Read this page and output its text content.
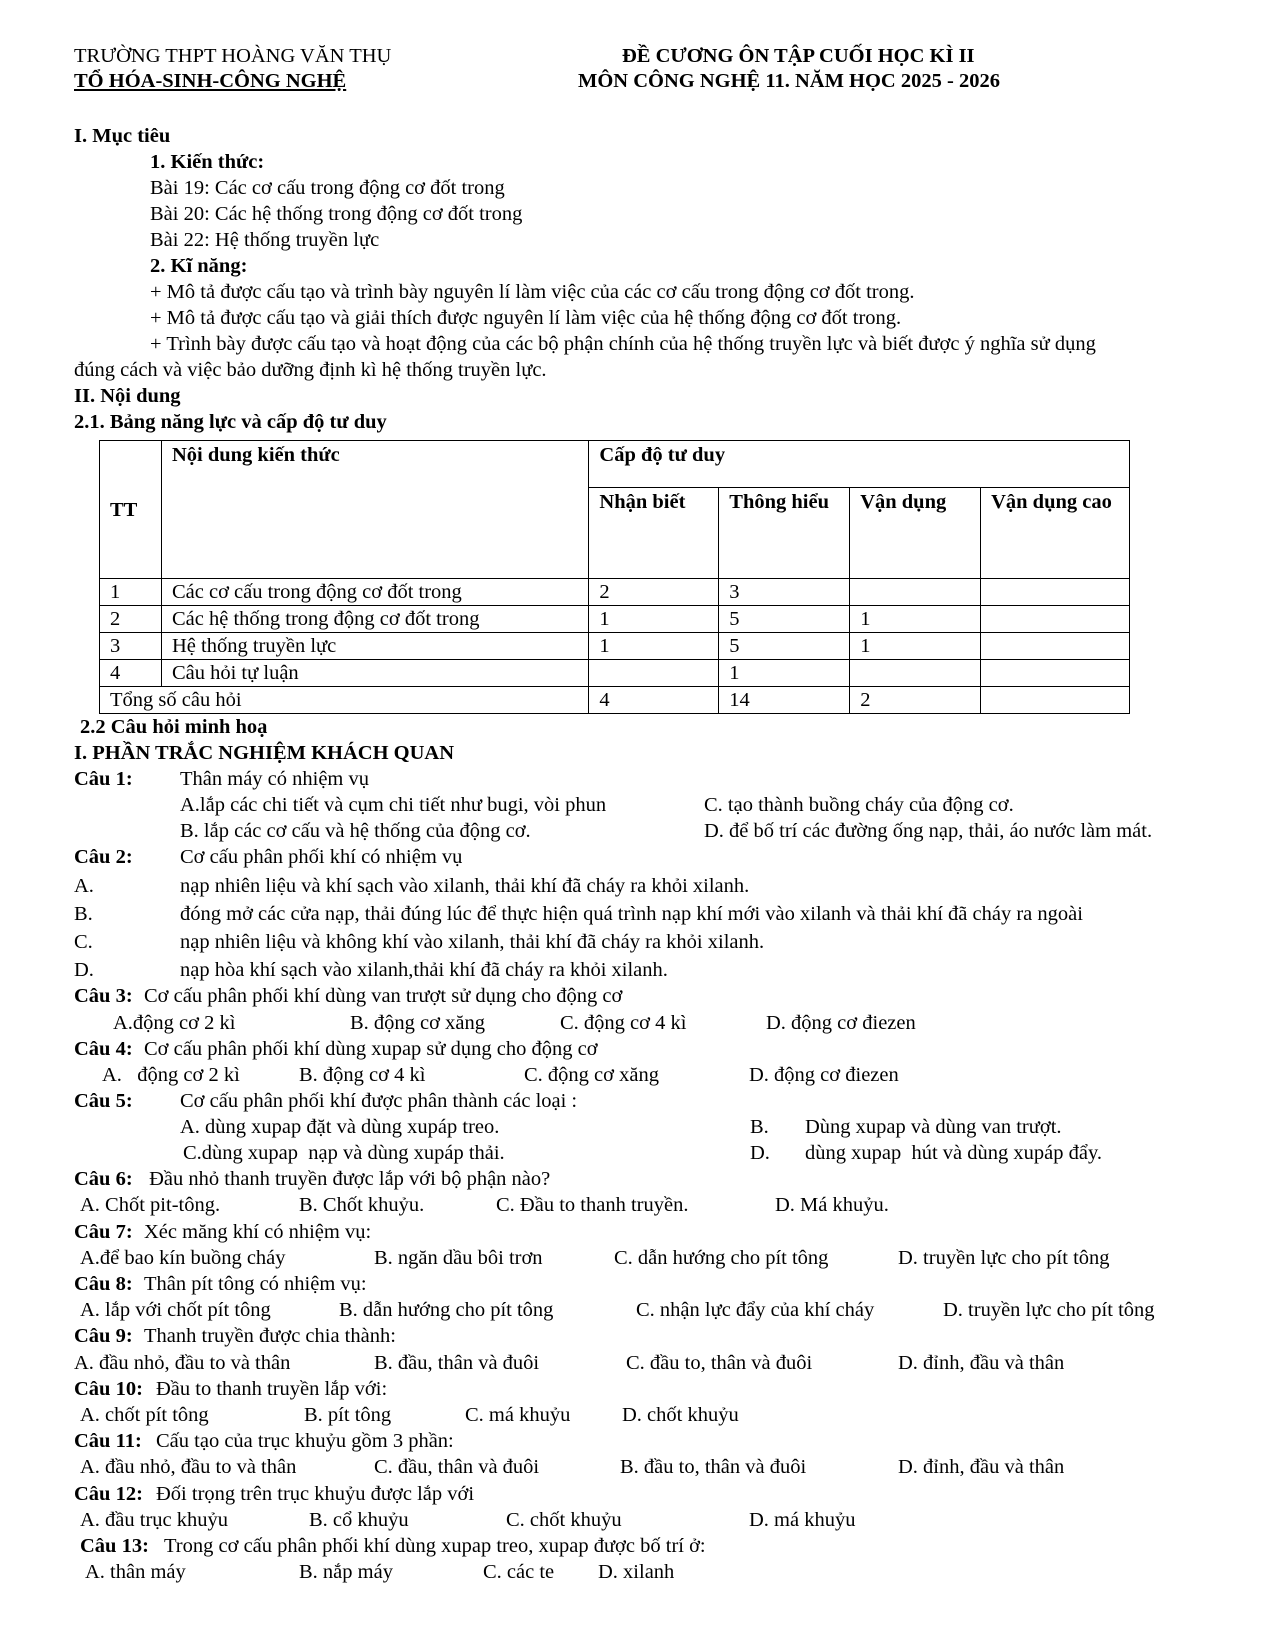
TRƯỜNG THPT HOÀNG VĂN THỤ
TỔ HÓA-SINH-CÔNG NGHỆ
ĐỀ CƯƠNG ÔN TẬP CUỐI HỌC KÌ II
MÔN CÔNG NGHỆ 11. NĂM HỌC 2025 - 2026
I. Mục tiêu
1. Kiến thức:
Bài 19: Các cơ cấu trong động cơ đốt trong
Bài 20: Các hệ thống trong động cơ đốt trong
Bài 22: Hệ thống truyền lực
2. Kĩ năng:
+ Mô tả được cấu tạo và trình bày nguyên lí làm việc của các cơ cấu trong động cơ đốt trong.
+ Mô tả được cấu tạo và giải thích được nguyên lí làm việc của hệ thống động cơ đốt trong.
+ Trình bày được cấu tạo và hoạt động của các bộ phận chính của hệ thống truyền lực và biết được ý nghĩa sử dụng
đúng cách và việc bảo dưỡng định kì hệ thống truyền lực.
II. Nội dung
2.1. Bảng năng lực và cấp độ tư duy
TT	Nội dung kiến thức	Cấp độ tư duy			
		Nhận biết	Thông hiểu	Vận dụng	Vận dụng cao
1	Các cơ cấu trong động cơ đốt trong	2	3		
2	Các hệ thống trong động cơ đốt trong	1	5	1	
3	Hệ thống truyền lực	1	5	1	
4	Câu hỏi tự luận		1		
Tổng số câu hỏi		4	14	2	
2.2 Câu hỏi minh hoạ
I. PHẦN TRẮC NGHIỆM KHÁCH QUAN
Câu 1: Thân máy có nhiệm vụ
A.lắp các chi tiết và cụm chi tiết như bugi, vòi phun	C. tạo thành buồng cháy của động cơ.
B. lắp các cơ cấu và hệ thống của động cơ.	D. để bố trí các đường ống nạp, thải, áo nước làm mát.
Câu 2: Cơ cấu phân phối khí có nhiệm vụ
A.	nạp nhiên liệu và khí sạch vào xilanh, thải khí đã cháy ra khỏi xilanh.
B.	đóng mở các cửa nạp, thải đúng lúc để thực hiện quá trình nạp khí mới vào xilanh và thải khí đã cháy ra ngoài
C.	nạp nhiên liệu và không khí vào xilanh, thải khí đã cháy ra khỏi xilanh.
D.	nạp hòa khí sạch vào xilanh,thải khí đã cháy ra khỏi xilanh.
Câu 3: Cơ cấu phân phối khí dùng van trượt sử dụng cho động cơ
A.động cơ 2 kì	B. động cơ xăng	C. động cơ 4 kì	D. động cơ điezen
Câu 4: Cơ cấu phân phối khí dùng xupap sử dụng cho động cơ
A.   động cơ 2 kì	B. động cơ 4 kì	C. động cơ xăng	D. động cơ điezen
Câu 5: Cơ cấu phân phối khí được phân thành các loại :
A. dùng xupap đặt và dùng xupáp treo.	B. Dùng xupap và dùng van trượt.
C.dùng xupap  nạp và dùng xupáp thải.	D. dùng xupap  hút và dùng xupáp đẩy.
Câu 6: Đầu nhỏ thanh truyền được lắp với bộ phận nào?
A. Chốt pit-tông.	B. Chốt khuỷu.	C. Đầu to thanh truyền.	D. Má khuỷu.
Câu 7: Xéc măng khí có nhiệm vụ:
A.để bao kín buồng cháy	B. ngăn dầu bôi trơn	C. dẫn hướng cho pít tông	D. truyền lực cho pít tông
Câu 8: Thân pít tông có nhiệm vụ:
A. lắp với chốt pít tông	B. dẫn hướng cho pít tông	C. nhận lực đẩy của khí cháy	D. truyền lực cho pít tông
Câu 9: Thanh truyền được chia thành:
A. đầu nhỏ, đầu to và thân	B. đầu, thân và đuôi	C. đầu to, thân và đuôi	D. đỉnh, đầu và thân
Câu 10: Đầu to thanh truyền lắp với:
A. chốt pít tông	B. pít tông	C. má khuỷu	D. chốt khuỷu
Câu 11: Cấu tạo của trục khuỷu gồm 3 phần:
A. đầu nhỏ, đầu to và thân	C. đầu, thân và đuôi	B. đầu to, thân và đuôi	D. đỉnh, đầu và thân
Câu 12: Đối trọng trên trục khuỷu được lắp với
A. đầu trục khuỷu	B. cổ khuỷu	C. chốt khuỷu	D. má khuỷu
Câu 13: Trong cơ cấu phân phối khí dùng xupap treo, xupap được bố trí ở:
A. thân máy	B. nắp máy	C. các te D. xilanh
